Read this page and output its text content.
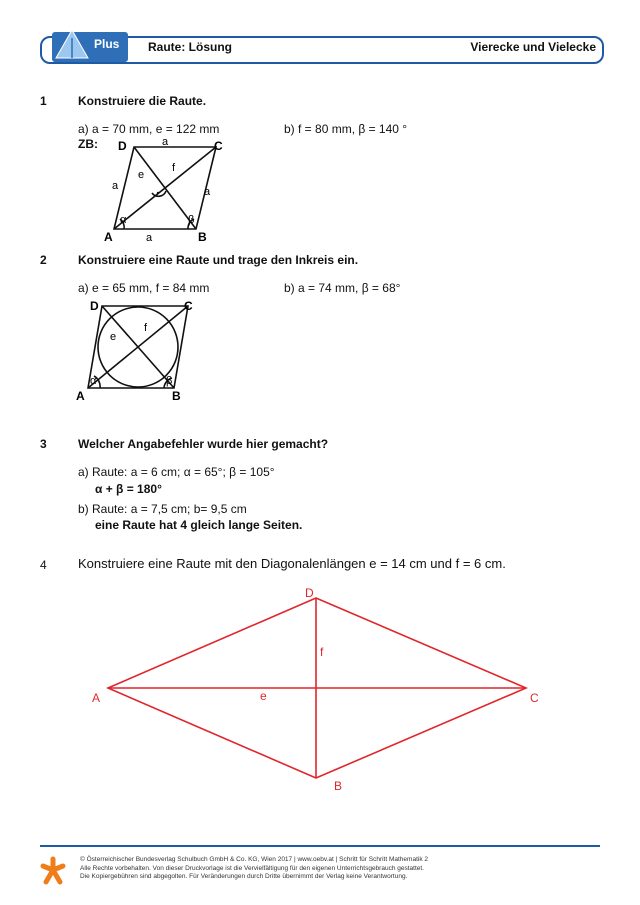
Plus Raute: Lösung	Vierecke und Vielecke
1	Konstruiere die Raute.
a) a = 70 mm, e = 122 mm	b) f = 80 mm, β = 140 °
ZB:
A	B
C
D	a
a	a
a
e
f
α	β
2	Konstruiere eine Raute und trage den Inkreis ein.
a) e = 65 mm, f = 84 mm	b) a = 74 mm, β = 68°
A	B
C
D
e
f
α	β
3	Welcher Angabefehler wurde hier gemacht?
a) Raute: a = 6 cm; α = 65°; β = 105°
α + β = 180°
b) Raute: a = 7,5 cm; b= 9,5 cm
eine Raute hat 4 gleich lange Seiten.
4 Konstruiere eine Raute mit den Diagonalenlängen e = 14 cm und f = 6 cm.
A
B
C
D
e
f
© Österreichischer Bundesverlag Schulbuch GmbH & Co. KG, Wien 2017 | www.oebv.at | Schritt für Schritt Mathematik 2
Alle Rechte vorbehalten. Von dieser Druckvorlage ist die Vervielfältigung für den eigenen Unterrichtsgebrauch gestattet.
Die Kopiergebühren sind abgegolten. Für Veränderungen durch Dritte übernimmt der Verlag keine Verantwortung.
